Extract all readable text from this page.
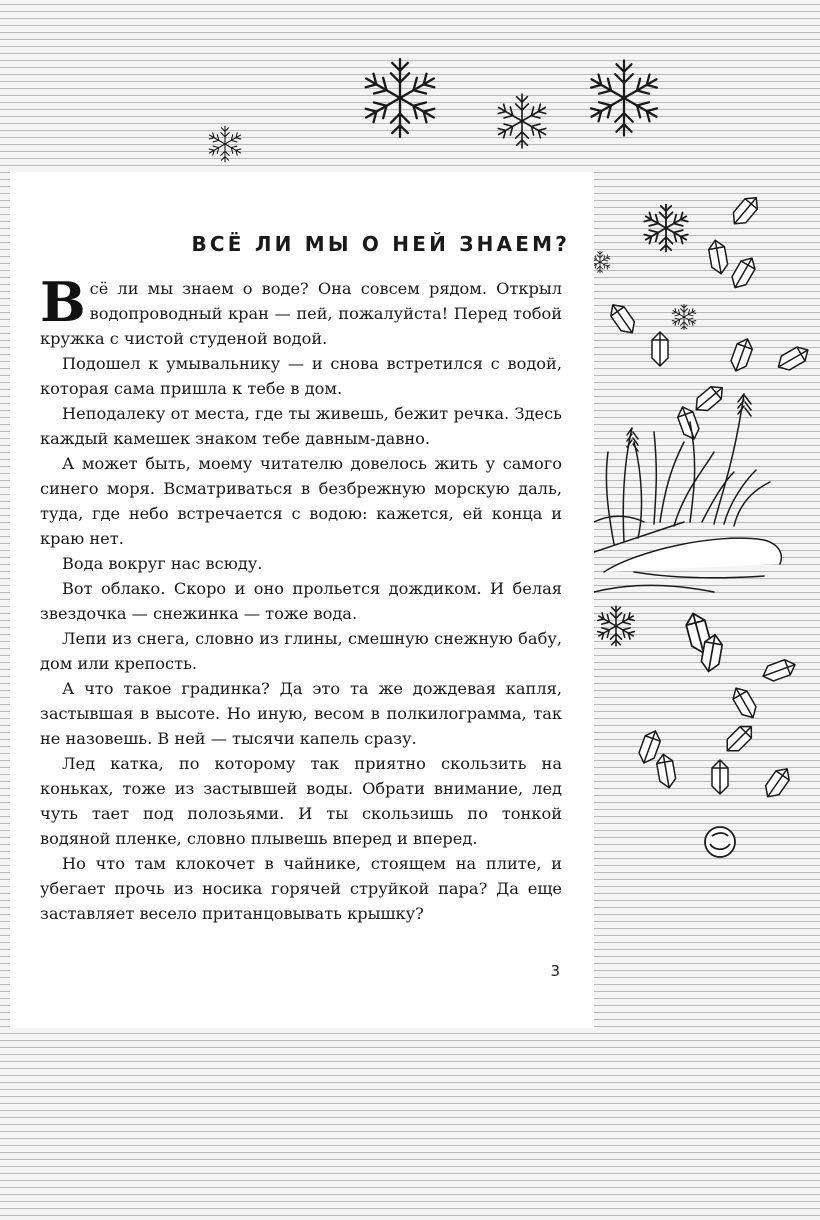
ВСЁ ЛИ МЫ О НЕЙ ЗНАЕМ?

Всё ли мы знаем о воде? Она совсем рядом. Открыл водопроводный кран — пей, пожалуйста! Перед тобой кружка с чистой студеной водой.

Подошел к умывальнику — и снова встретился с водой, которая сама пришла к тебе в дом.

Неподалеку от места, где ты живешь, бежит речка. Здесь каждый камешек знаком тебе давным-давно.

А может быть, моему читателю довелось жить у самого синего моря. Всматриваться в безбрежную морскую даль, туда, где небо встречается с водою: кажется, ей конца и краю нет.

Вода вокруг нас всюду.

Вот облако. Скоро и оно прольется дождиком. И белая звездочка — снежинка — тоже вода.

Лепи из снега, словно из глины, смешную снежную бабу, дом или крепость.

А что такое градинка? Да это та же дождевая капля, застывшая в высоте. Но иную, весом в полкилограмма, так не назовешь. В ней — тысячи капель сразу.

Лед катка, по которому так приятно скользить на коньках, тоже из застывшей воды. Обрати внимание, лед чуть тает под полозьями. И ты скользишь по тонкой водяной пленке, словно плывешь вперед и вперед.

Но что там клокочет в чайнике, стоящем на плите, и убегает прочь из носика горячей струйкой пара? Да еще заставляет весело пританцовывать крышку?

3
